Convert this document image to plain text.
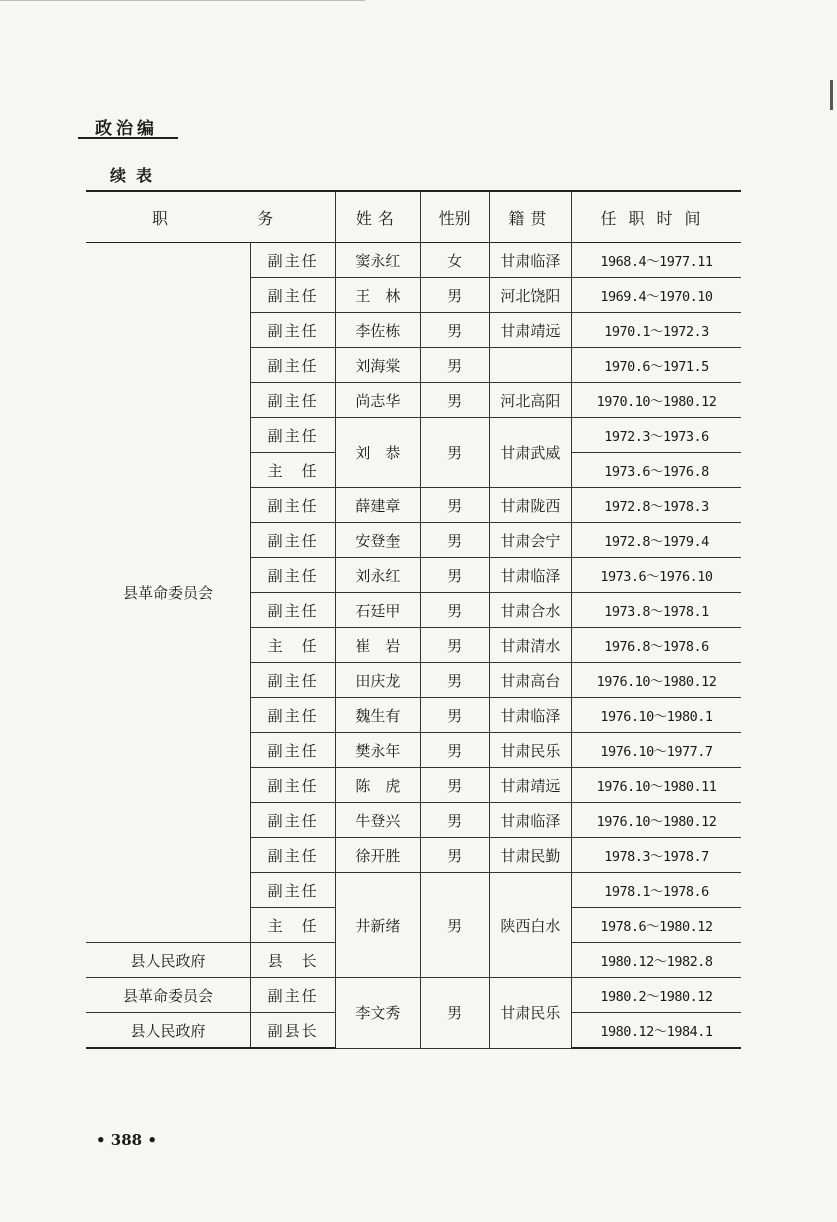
政治编
续表
职 务		姓名	性别	籍贯	任职时间
县革命委员会	副主任	窦永红	女	甘肃临泽	1968.4～1977.11
	副主任	王　林	男	河北饶阳	1969.4～1970.10
	副主任	李佐栋	男	甘肃靖远	1970.1～1972.3
	副主任	刘海棠	男		1970.6～1971.5
	副主任	尚志华	男	河北高阳	1970.10～1980.12
	副主任	刘　恭	男	甘肃武威	1972.3～1973.6
	主　任				1973.6～1976.8
	副主任	薛建章	男	甘肃陇西	1972.8～1978.3
	副主任	安登奎	男	甘肃会宁	1972.8～1979.4
	副主任	刘永红	男	甘肃临泽	1973.6～1976.10
	副主任	石廷甲	男	甘肃合水	1973.8～1978.1
	主　任	崔　岩	男	甘肃清水	1976.8～1978.6
	副主任	田庆龙	男	甘肃高台	1976.10～1980.12
	副主任	魏生有	男	甘肃临泽	1976.10～1980.1
	副主任	樊永年	男	甘肃民乐	1976.10～1977.7
	副主任	陈　虎	男	甘肃靖远	1976.10～1980.11
	副主任	牛登兴	男	甘肃临泽	1976.10～1980.12
	副主任	徐开胜	男	甘肃民勤	1978.3～1978.7
	副主任	井新绪	男	陕西白水	1978.1～1978.6
	主　任				1978.6～1980.12
县人民政府	县　长				1980.12～1982.8
县革命委员会	副主任	李文秀	男	甘肃民乐	1980.2～1980.12
县人民政府	副县长				1980.12～1984.1
• 388 •
